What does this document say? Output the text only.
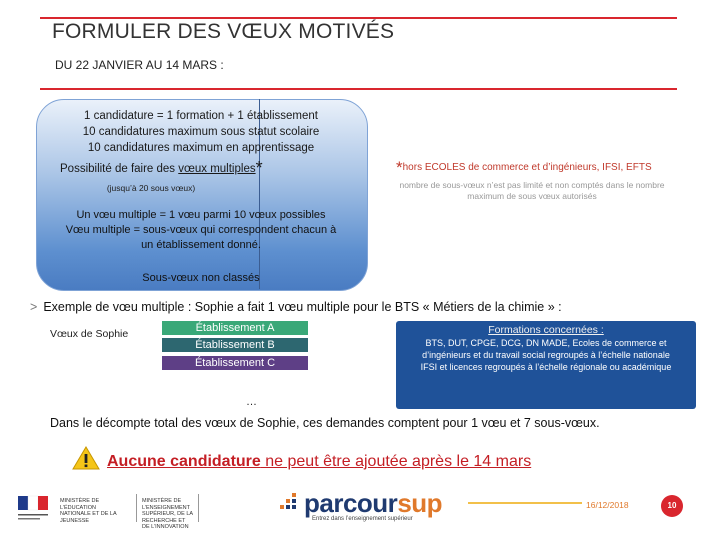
FORMULER DES VŒUX MOTIVÉS
DU 22 JANVIER AU 14 MARS :
1 candidature = 1 formation + 1 établissement
10 candidatures maximum sous statut scolaire
10 candidatures maximum en apprentissage
Possibilité de faire des vœux multiples*
(jusqu’à 20 sous vœux)
Un vœu multiple = 1 vœu parmi 10 vœux possibles
Vœu multiple = sous-vœux qui correspondent chacun à
un établissement donné.
Sous-vœux non classés
*hors ECOLES de commerce et d’ingénieurs, IFSI, EFTS
nombre de sous-vœux n’est pas limité et non comptés dans le nombre maximum de sous vœux autorisés
> Exemple de vœu multiple : Sophie a fait 1 vœu multiple pour le BTS « Métiers de la chimie » :
Vœux de Sophie	Établissement A
Établissement B
Établissement C
…
Formations concernées :
BTS, DUT, CPGE, DCG, DN MADE, Ecoles de commerce et d’ingénieurs et du travail social regroupés à l’échelle nationale
IFSI et licences regroupés à l’échelle régionale ou académique
Dans le décompte total des vœux de Sophie, ces demandes comptent pour 1 vœu et 7 sous-vœux.
Aucune candidature ne peut être ajoutée après le 14 mars
MINISTÈRE DE L’ÉDUCATION NATIONALE ET DE LA JEUNESSE
MINISTÈRE DE L’ENSEIGNEMENT SUPÉRIEUR, DE LA RECHERCHE ET DE L’INNOVATION
parcoursup
Entrez dans l’enseignement supérieur
16/12/2018	10
